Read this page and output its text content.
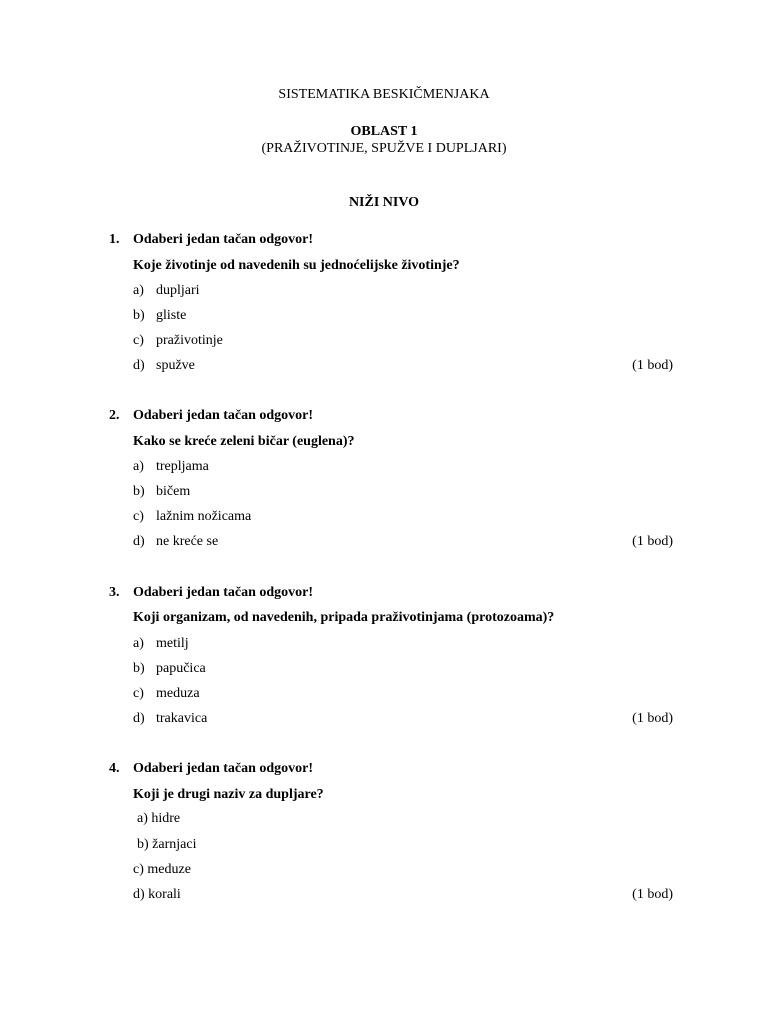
SISTEMATIKA BESKIČMENJAKA
OBLAST 1
(PRAŽIVOTINJE, SPUŽVE I DUPLJARI)
NIŽI NIVO
1. Odaberi jedan tačan odgovor!
Koje životinje od navedenih su jednoćelijske životinje?
a) dupljari
b) gliste
c) praživotinje
d) spužve	(1 bod)
2. Odaberi jedan tačan odgovor!
Kako se kreće zeleni bičar (euglena)?
a) trepljama
b) bičem
c) lažnim nožicama
d) ne kreće se	(1 bod)
3. Odaberi jedan tačan odgovor!
Koji organizam, od navedenih, pripada praživotinjama (protozoama)?
a) metilj
b) papučica
c) meduza
d) trakavica	(1 bod)
4. Odaberi jedan tačan odgovor!
Koji je drugi naziv za dupljare?
a) hidre
b) žarnjaci
c) meduze
d) korali	(1 bod)
